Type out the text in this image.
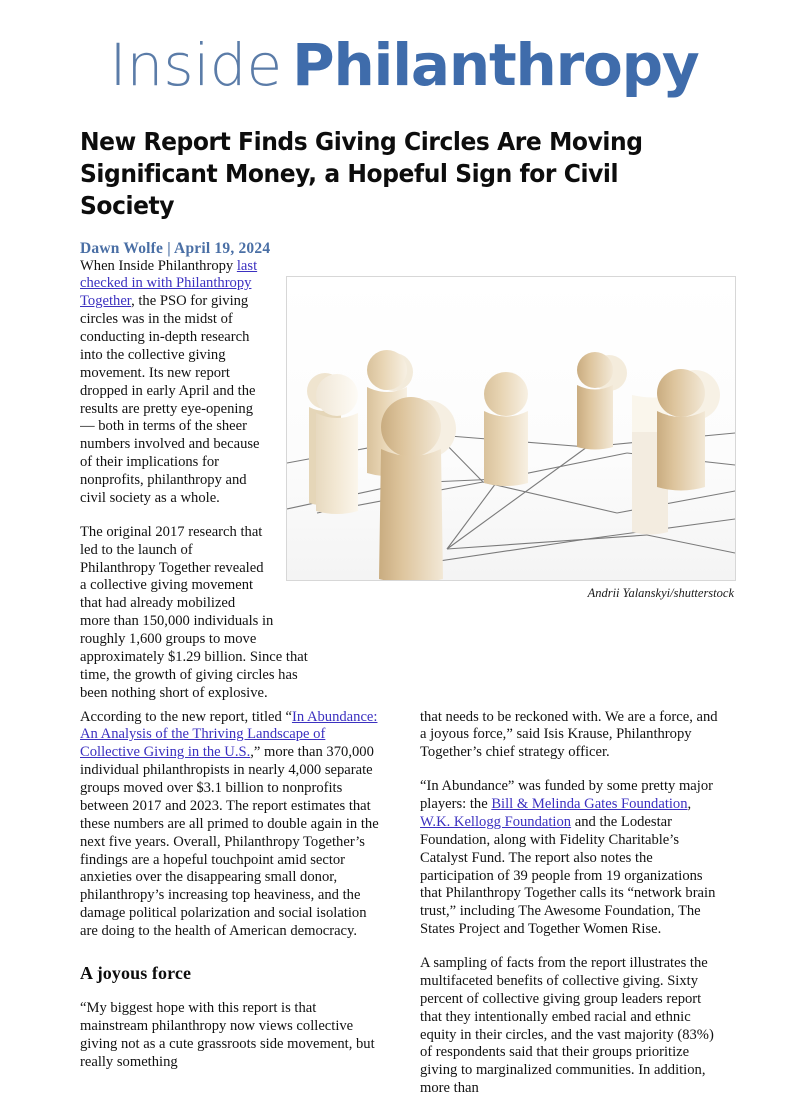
Inside Philanthropy
New Report Finds Giving Circles Are Moving Significant Money, a Hopeful Sign for Civil Society
Dawn Wolfe | April 19, 2024
Andrii Yalanskyi/shutterstock

When Inside Philanthropy last checked in with Philanthropy Together, the PSO for giving circles was in the midst of conducting in-depth research into the collective giving movement. Its new report dropped in early April and the results are pretty eye-opening — both in terms of the sheer numbers involved and because of their implications for nonprofits, philanthropy and civil society as a whole.

The original 2017 research that led to the launch of Philanthropy Together revealed a collective giving movement that had already mobilized more than 150,000 individuals in roughly 1,600 groups to move approximately $1.29 billion. Since that time, the growth of giving circles has been nothing short of explosive.

According to the new report, titled “In Abundance: An Analysis of the Thriving Landscape of Collective Giving in the U.S.,” more than 370,000 individual philanthropists in nearly 4,000 separate groups moved over $3.1 billion to nonprofits between 2017 and 2023. The report estimates that these numbers are all primed to double again in the next five years. Overall, Philanthropy Together’s findings are a hopeful touchpoint amid sector anxieties over the disappearing small donor, philanthropy’s increasing top heaviness, and the damage political polarization and social isolation are doing to the health of American democracy.

A joyous force

“My biggest hope with this report is that mainstream philanthropy now views collective giving not as a cute grassroots side movement, but really something

that needs to be reckoned with. We are a force, and a joyous force,” said Isis Krause, Philanthropy Together’s chief strategy officer.

“In Abundance” was funded by some pretty major players: the Bill & Melinda Gates Foundation, W.K. Kellogg Foundation and the Lodestar Foundation, along with Fidelity Charitable’s Catalyst Fund. The report also notes the participation of 39 people from 19 organizations that Philanthropy Together calls its “network brain trust,” including The Awesome Foundation, The States Project and Together Women Rise.

A sampling of facts from the report illustrates the multifaceted benefits of collective giving. Sixty percent of collective giving group leaders report that they intentionally embed racial and ethnic equity in their circles, and the vast majority (83%) of respondents said that their groups prioritize giving to marginalized communities. In addition, more than
